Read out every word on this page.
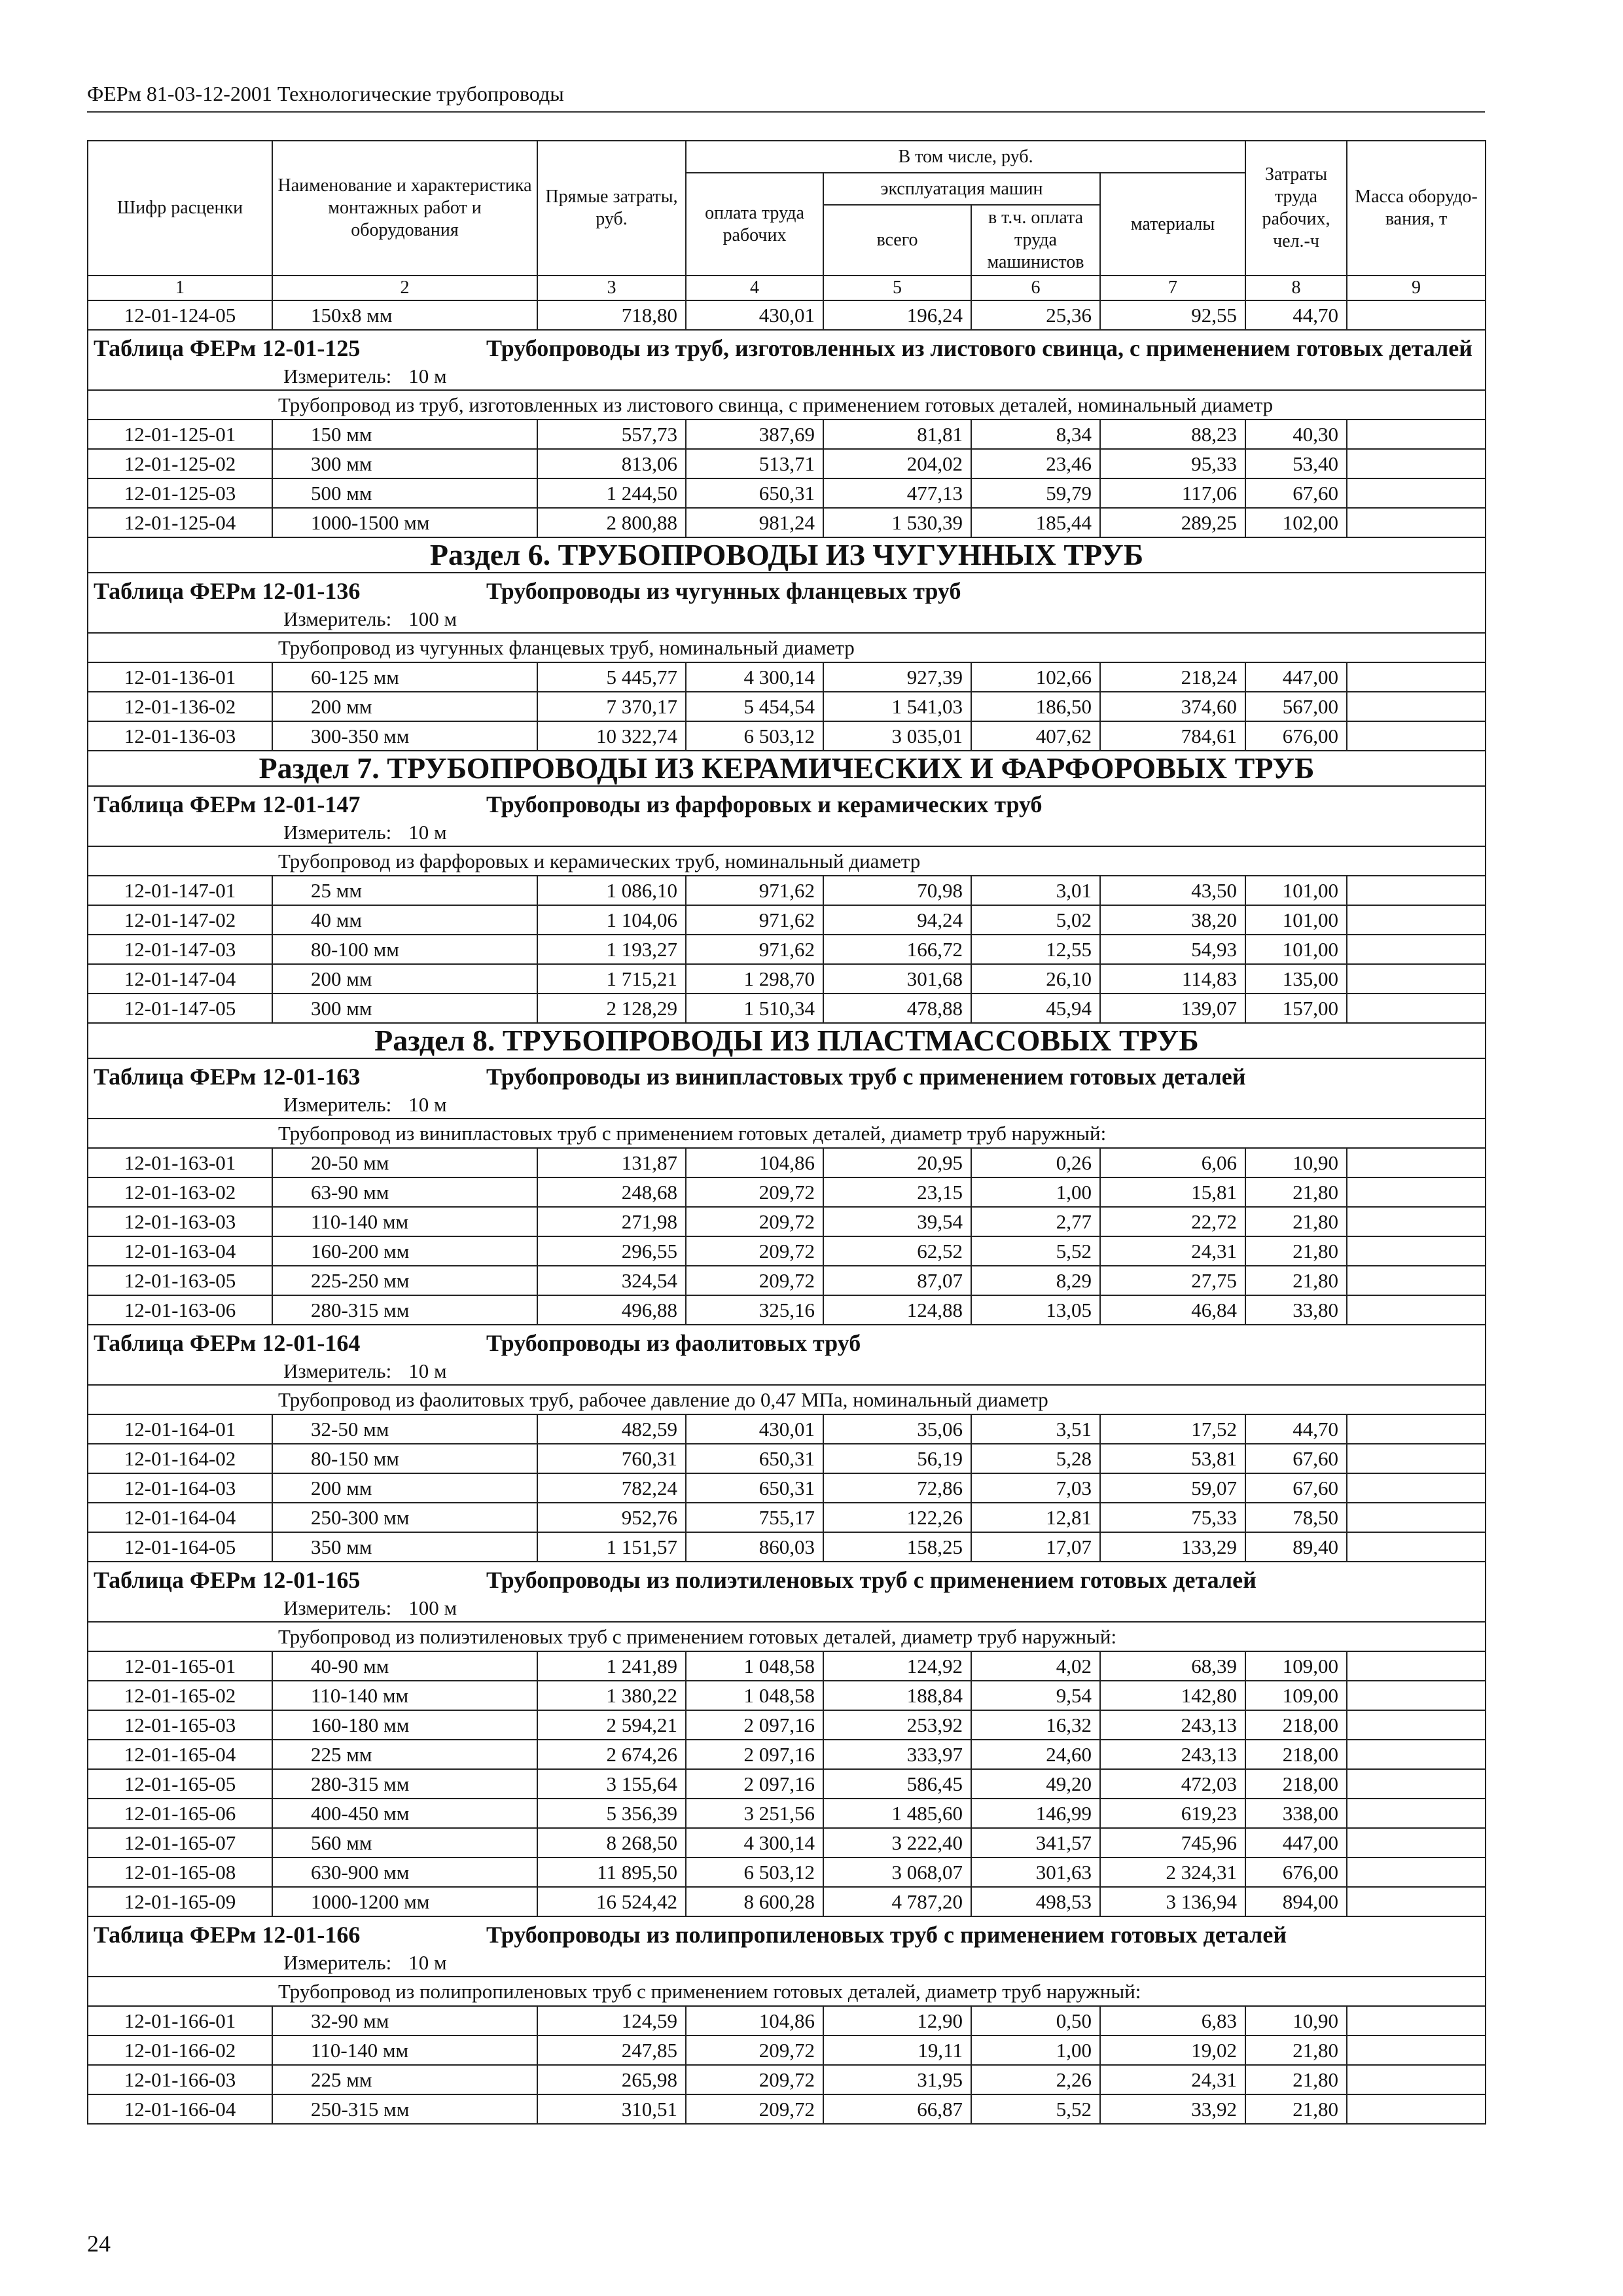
ФЕРм 81-03-12-2001 Технологические трубопроводы
Шифр расценки	Наименование и характеристика монтажных работ и оборудования	Прямые затраты, руб.	В том числе, руб.				Затраты труда рабочих, чел.-ч	Масса оборудо-вания, т
			оплата труда рабочих	эксплуатация машин		материалы		
				всего	в т.ч. оплата труда машинистов			
1	2	3	4	5	6	7	8	9
12-01-124-05	150x8 мм	718,80	430,01	196,24	25,36	92,55	44,70	

Таблица ФЕРм 12-01-125 Трубопроводы из труб, изготовленных из листового свинца, с применением готовых деталей
Измеритель: 10 м								

Трубопровод из труб, изготовленных из листового свинца, с применением готовых деталей, номинальный диаметр								
12-01-125-01	150 мм	557,73	387,69	81,81	8,34	88,23	40,30	
12-01-125-02	300 мм	813,06	513,71	204,02	23,46	95,33	53,40	
12-01-125-03	500 мм	1 244,50	650,31	477,13	59,79	117,06	67,60	
12-01-125-04	1000-1500 мм	2 800,88	981,24	1 530,39	185,44	289,25	102,00	
Раздел 6. ТРУБОПРОВОДЫ ИЗ ЧУГУННЫХ ТРУБ								

Таблица ФЕРм 12-01-136 Трубопроводы из чугунных фланцевых труб
Измеритель: 100 м								

Трубопровод из чугунных фланцевых труб, номинальный диаметр								
12-01-136-01	60-125 мм	5 445,77	4 300,14	927,39	102,66	218,24	447,00	
12-01-136-02	200 мм	7 370,17	5 454,54	1 541,03	186,50	374,60	567,00	
12-01-136-03	300-350 мм	10 322,74	6 503,12	3 035,01	407,62	784,61	676,00	
Раздел 7. ТРУБОПРОВОДЫ ИЗ КЕРАМИЧЕСКИХ И ФАРФОРОВЫХ ТРУБ								

Таблица ФЕРм 12-01-147 Трубопроводы из фарфоровых и керамических труб
Измеритель: 10 м								

Трубопровод из фарфоровых и керамических труб, номинальный диаметр								
12-01-147-01	25 мм	1 086,10	971,62	70,98	3,01	43,50	101,00	
12-01-147-02	40 мм	1 104,06	971,62	94,24	5,02	38,20	101,00	
12-01-147-03	80-100 мм	1 193,27	971,62	166,72	12,55	54,93	101,00	
12-01-147-04	200 мм	1 715,21	1 298,70	301,68	26,10	114,83	135,00	
12-01-147-05	300 мм	2 128,29	1 510,34	478,88	45,94	139,07	157,00	
Раздел 8. ТРУБОПРОВОДЫ ИЗ ПЛАСТМАССОВЫХ ТРУБ								

Таблица ФЕРм 12-01-163 Трубопроводы из винипластовых труб с применением готовых деталей
Измеритель: 10 м								

Трубопровод из винипластовых труб с применением готовых деталей, диаметр труб наружный:								
12-01-163-01	20-50 мм	131,87	104,86	20,95	0,26	6,06	10,90	
12-01-163-02	63-90 мм	248,68	209,72	23,15	1,00	15,81	21,80	
12-01-163-03	110-140 мм	271,98	209,72	39,54	2,77	22,72	21,80	
12-01-163-04	160-200 мм	296,55	209,72	62,52	5,52	24,31	21,80	
12-01-163-05	225-250 мм	324,54	209,72	87,07	8,29	27,75	21,80	
12-01-163-06	280-315 мм	496,88	325,16	124,88	13,05	46,84	33,80	

Таблица ФЕРм 12-01-164 Трубопроводы из фаолитовых труб
Измеритель: 10 м								

Трубопровод из фаолитовых труб, рабочее давление до 0,47 МПа, номинальный диаметр								
12-01-164-01	32-50 мм	482,59	430,01	35,06	3,51	17,52	44,70	
12-01-164-02	80-150 мм	760,31	650,31	56,19	5,28	53,81	67,60	
12-01-164-03	200 мм	782,24	650,31	72,86	7,03	59,07	67,60	
12-01-164-04	250-300 мм	952,76	755,17	122,26	12,81	75,33	78,50	
12-01-164-05	350 мм	1 151,57	860,03	158,25	17,07	133,29	89,40	

Таблица ФЕРм 12-01-165 Трубопроводы из полиэтиленовых труб с применением готовых деталей
Измеритель: 100 м								

Трубопровод из полиэтиленовых труб с применением готовых деталей, диаметр труб наружный:								
12-01-165-01	40-90 мм	1 241,89	1 048,58	124,92	4,02	68,39	109,00	
12-01-165-02	110-140 мм	1 380,22	1 048,58	188,84	9,54	142,80	109,00	
12-01-165-03	160-180 мм	2 594,21	2 097,16	253,92	16,32	243,13	218,00	
12-01-165-04	225 мм	2 674,26	2 097,16	333,97	24,60	243,13	218,00	
12-01-165-05	280-315 мм	3 155,64	2 097,16	586,45	49,20	472,03	218,00	
12-01-165-06	400-450 мм	5 356,39	3 251,56	1 485,60	146,99	619,23	338,00	
12-01-165-07	560 мм	8 268,50	4 300,14	3 222,40	341,57	745,96	447,00	
12-01-165-08	630-900 мм	11 895,50	6 503,12	3 068,07	301,63	2 324,31	676,00	
12-01-165-09	1000-1200 мм	16 524,42	8 600,28	4 787,20	498,53	3 136,94	894,00	

Таблица ФЕРм 12-01-166 Трубопроводы из полипропиленовых труб с применением готовых деталей
Измеритель: 10 м								

Трубопровод из полипропиленовых труб с применением готовых деталей, диаметр труб наружный:								
12-01-166-01	32-90 мм	124,59	104,86	12,90	0,50	6,83	10,90	
12-01-166-02	110-140 мм	247,85	209,72	19,11	1,00	19,02	21,80	
12-01-166-03	225 мм	265,98	209,72	31,95	2,26	24,31	21,80	
12-01-166-04	250-315 мм	310,51	209,72	66,87	5,52	33,92	21,80	
24
